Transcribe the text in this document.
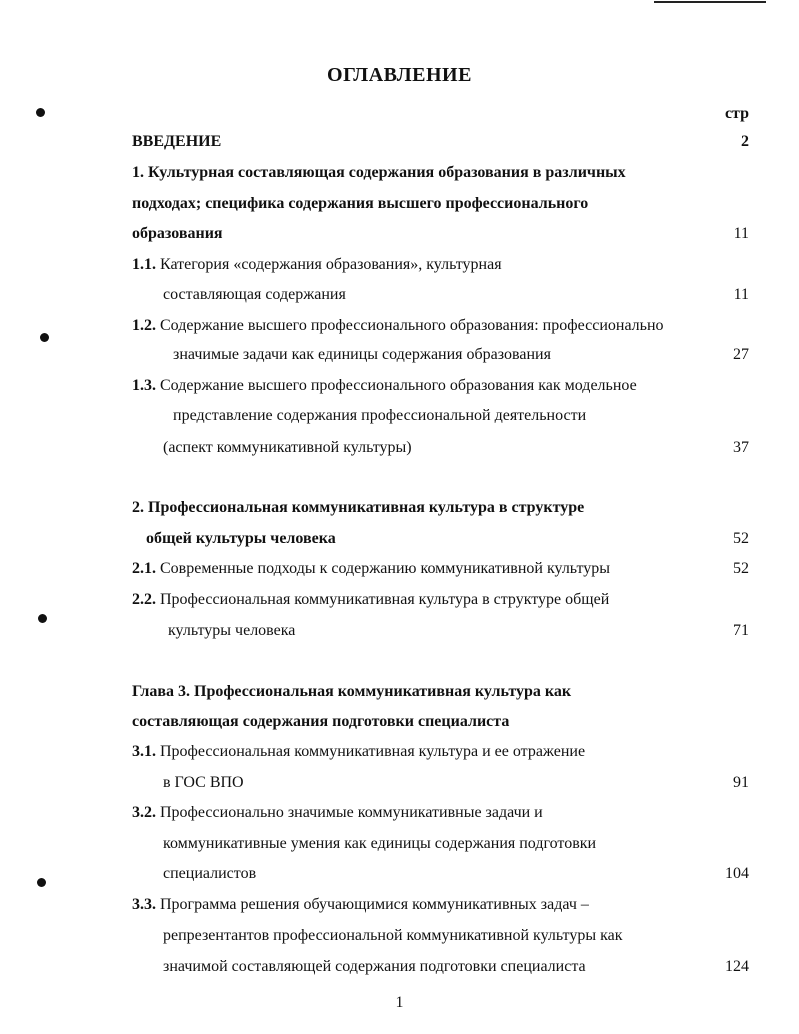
ОГЛАВЛЕНИЕ
стр
ВВЕДЕНИЕ	2
1. Культурная составляющая содержания образования в различных
подходах; специфика содержания высшего профессионального
образования	11
1.1. Категория «содержания образования», культурная
составляющая содержания	11
1.2. Содержание высшего профессионального образования: профессионально
значимые задачи как единицы содержания образования	27
1.3. Содержание высшего профессионального образования как модельное
представление содержания профессиональной деятельности
(аспект коммуникативной культуры)	37
2. Профессиональная коммуникативная культура в структуре
общей культуры человека	52
2.1. Современные подходы к содержанию коммуникативной культуры	52
2.2. Профессиональная коммуникативная культура в структуре общей
культуры человека	71
Глава 3. Профессиональная коммуникативная культура как
составляющая содержания подготовки специалиста
3.1. Профессиональная коммуникативная культура и ее отражение
в ГОС ВПО	91
3.2. Профессионально значимые коммуникативные задачи и
коммуникативные умения как единицы содержания подготовки
специалистов	104
3.3. Программа решения обучающимися коммуникативных задач –
репрезентантов профессиональной коммуникативной культуры как
значимой составляющей содержания подготовки специалиста	124
1
